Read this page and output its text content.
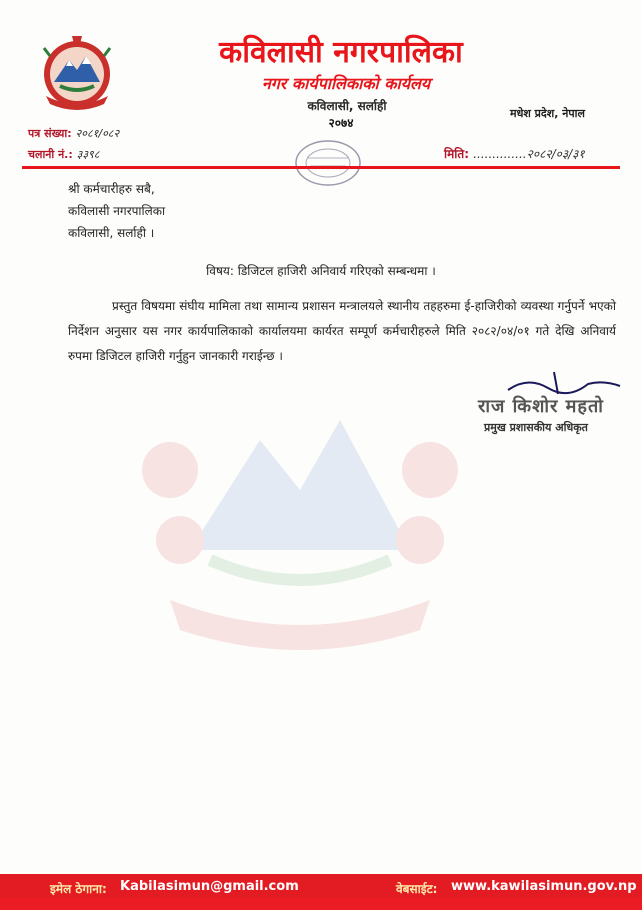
कविलासी नगरपालिका
नगर कार्यपालिकाको कार्यलय
कविलासी, सर्लाही
२०७४
मधेश प्रदेश, नेपाल
पत्र संख्या: २०८१/०८२
चलानी नं.: ३३९८	मिति: ..............२०८२/०३/३१
श्री कर्मचारीहरु सबै,
कविलासी नगरपालिका
कविलासी, सर्लाही ।
विषय: डिजिटल हाजिरी अनिवार्य गरिएको सम्बन्धमा ।
प्रस्तुत विषयमा संघीय मामिला तथा सामान्य प्रशासन मन्त्रालयले स्थानीय तहहरुमा ई-हाजिरीको व्यवस्था गर्नुपर्ने भएको निर्देशन अनुसार यस नगर कार्यपालिकाको कार्यालयमा कार्यरत सम्पूर्ण कर्मचारीहरुले मिति २०८२/०४/०१ गते देखि अनिवार्य रुपमा डिजिटल हाजिरी गर्नुहुन जानकारी गराईन्छ ।
राज किशोर महतो
प्रमुख प्रशासकीय अधिकृत
इमेल ठेगाना: Kabilasimun@gmail.com	वेबसाईट: www.kawilasimun.gov.np
